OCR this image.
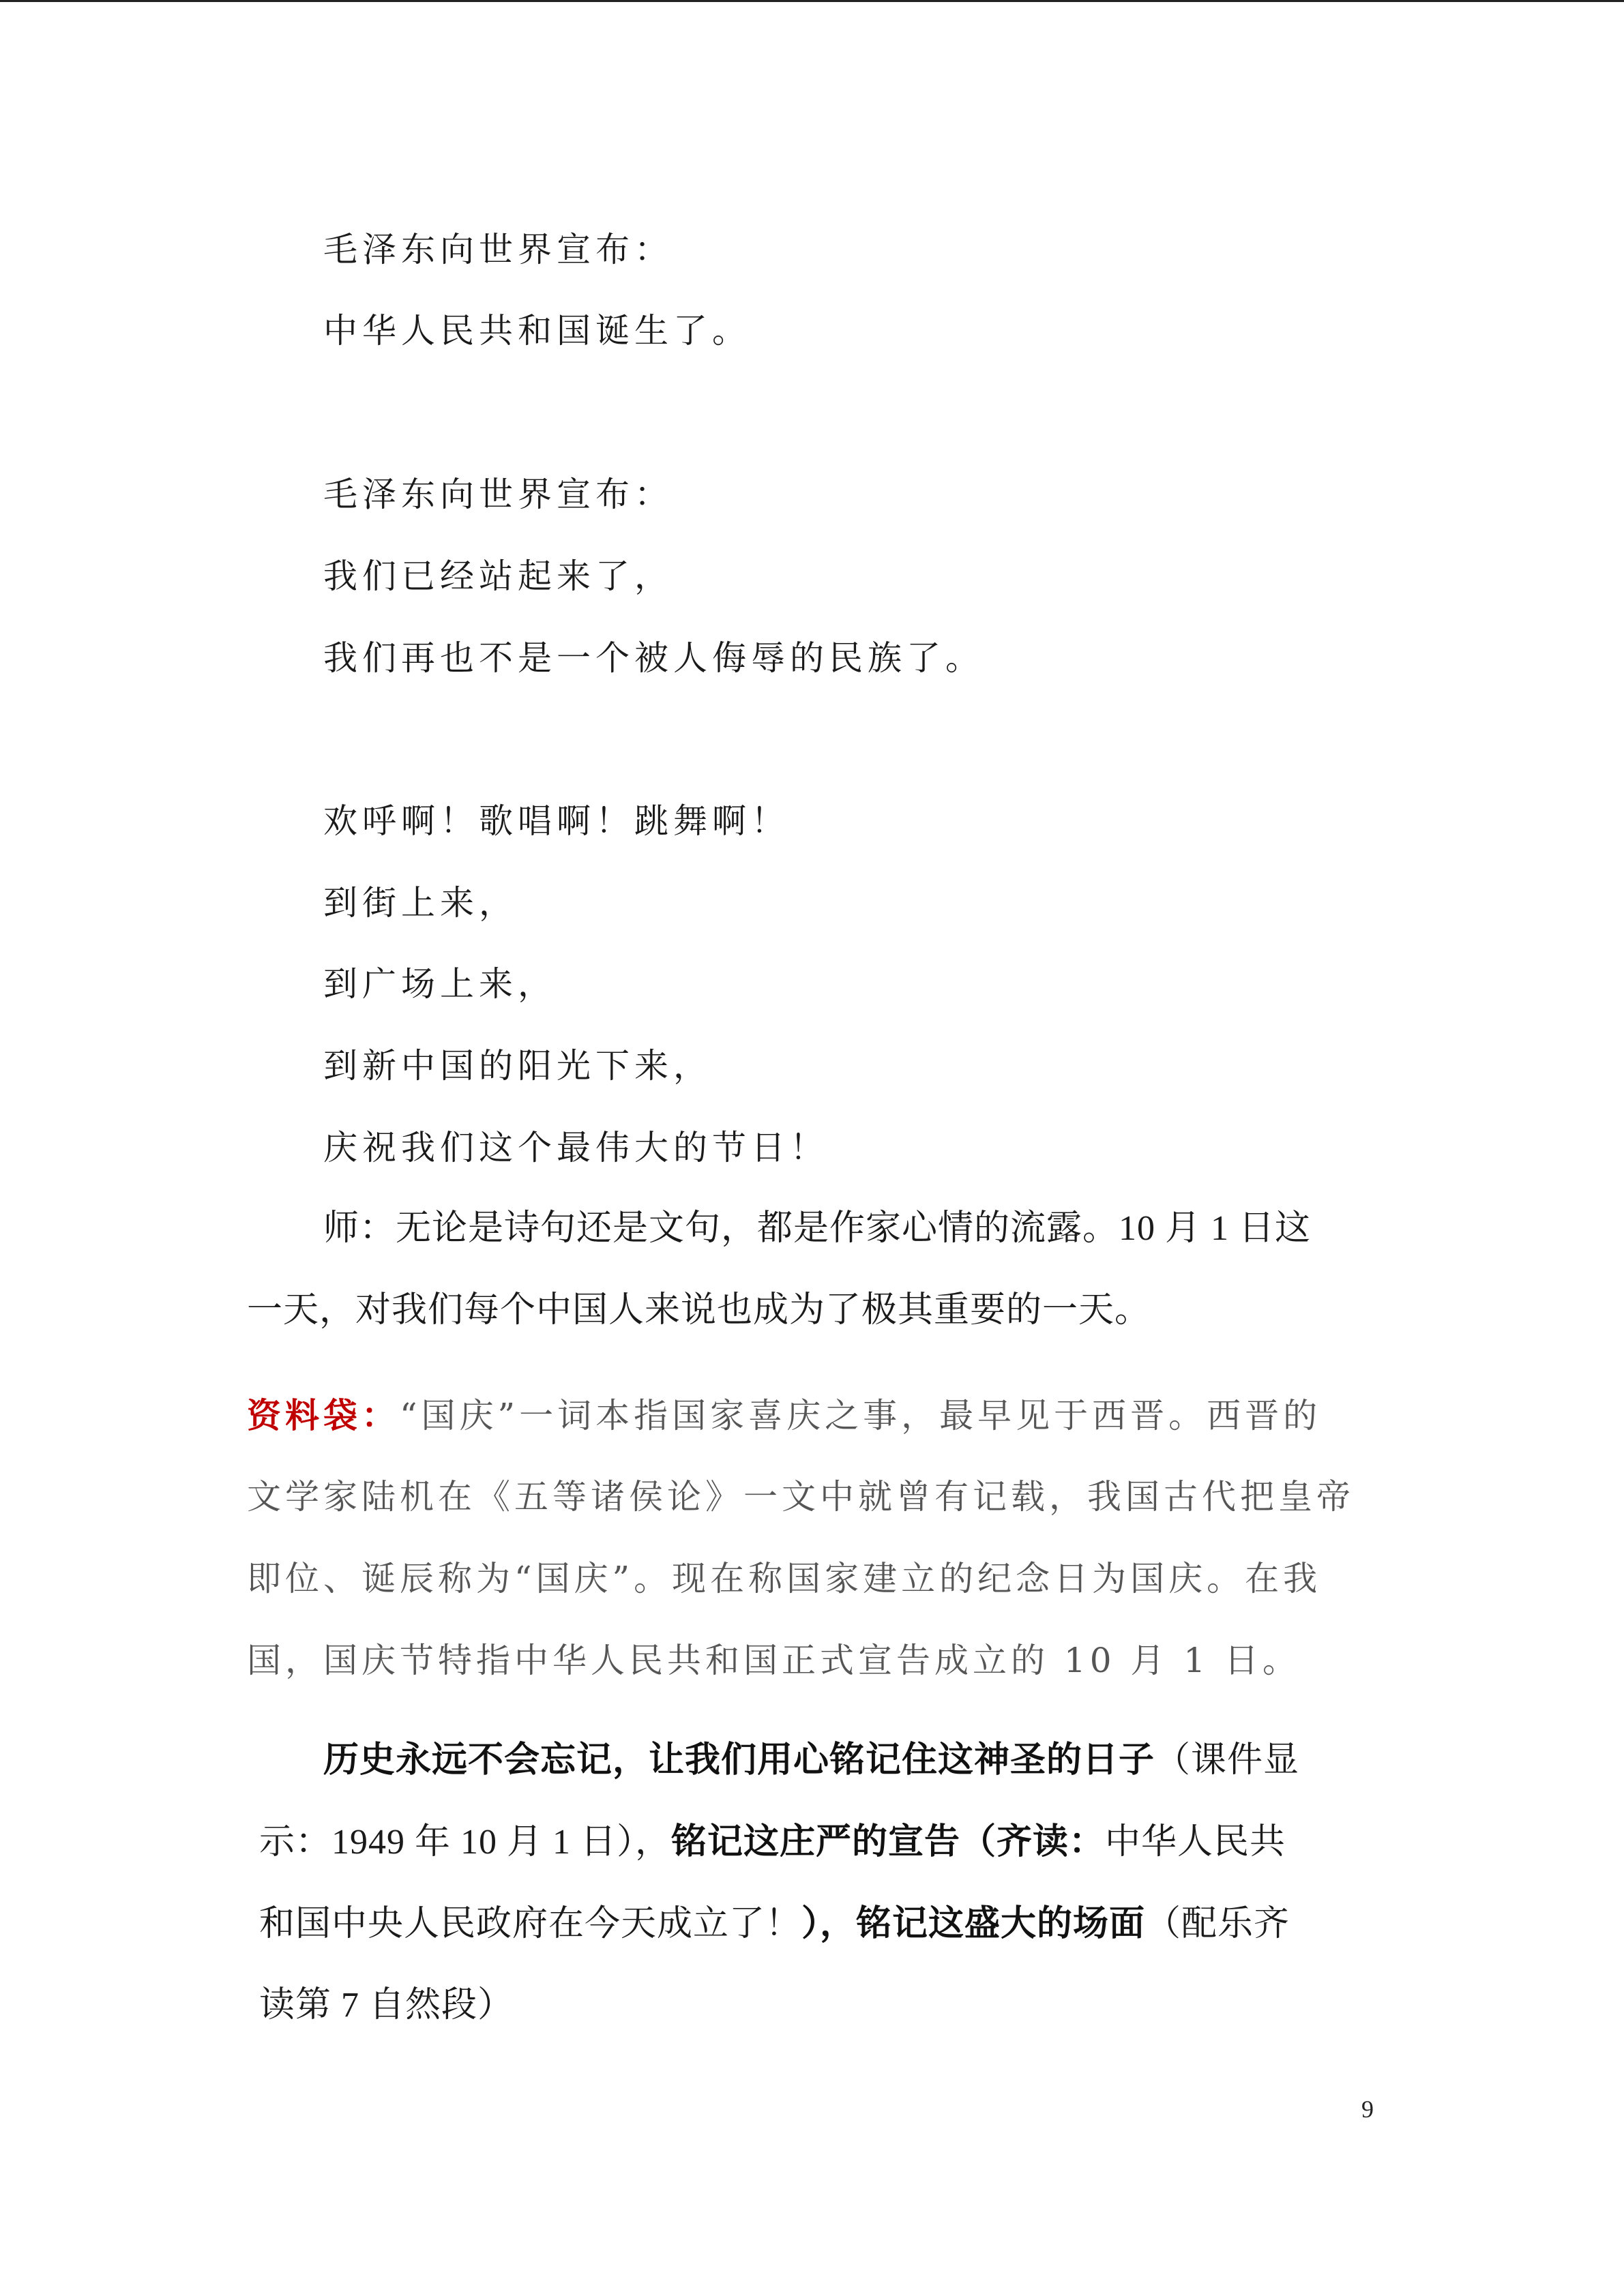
毛泽东向世界宣布：
中华人民共和国诞生了。
毛泽东向世界宣布：
我们已经站起来了，
我们再也不是一个被人侮辱的民族了。
欢呼啊！歌唱啊！跳舞啊！
到街上来，
到广场上来，
到新中国的阳光下来，
庆祝我们这个最伟大的节日！
师：无论是诗句还是文句，都是作家心情的流露。10 月 1 日这
一天，对我们每个中国人来说也成为了极其重要的一天。
资料袋：“国庆”一词本指国家喜庆之事，最早见于西晋。西晋的
文学家陆机在《五等诸侯论》一文中就曾有记载，我国古代把皇帝
即位、诞辰称为“国庆”。现在称国家建立的纪念日为国庆。在我
国，国庆节特指中华人民共和国正式宣告成立的 10 月 1 日。
历史永远不会忘记，让我们用心铭记住这神圣的日子（课件显
示：1949 年 10 月 1 日），铭记这庄严的宣告（齐读：中华人民共
和国中央人民政府在今天成立了！），铭记这盛大的场面（配乐齐
读第 7 自然段）
9
